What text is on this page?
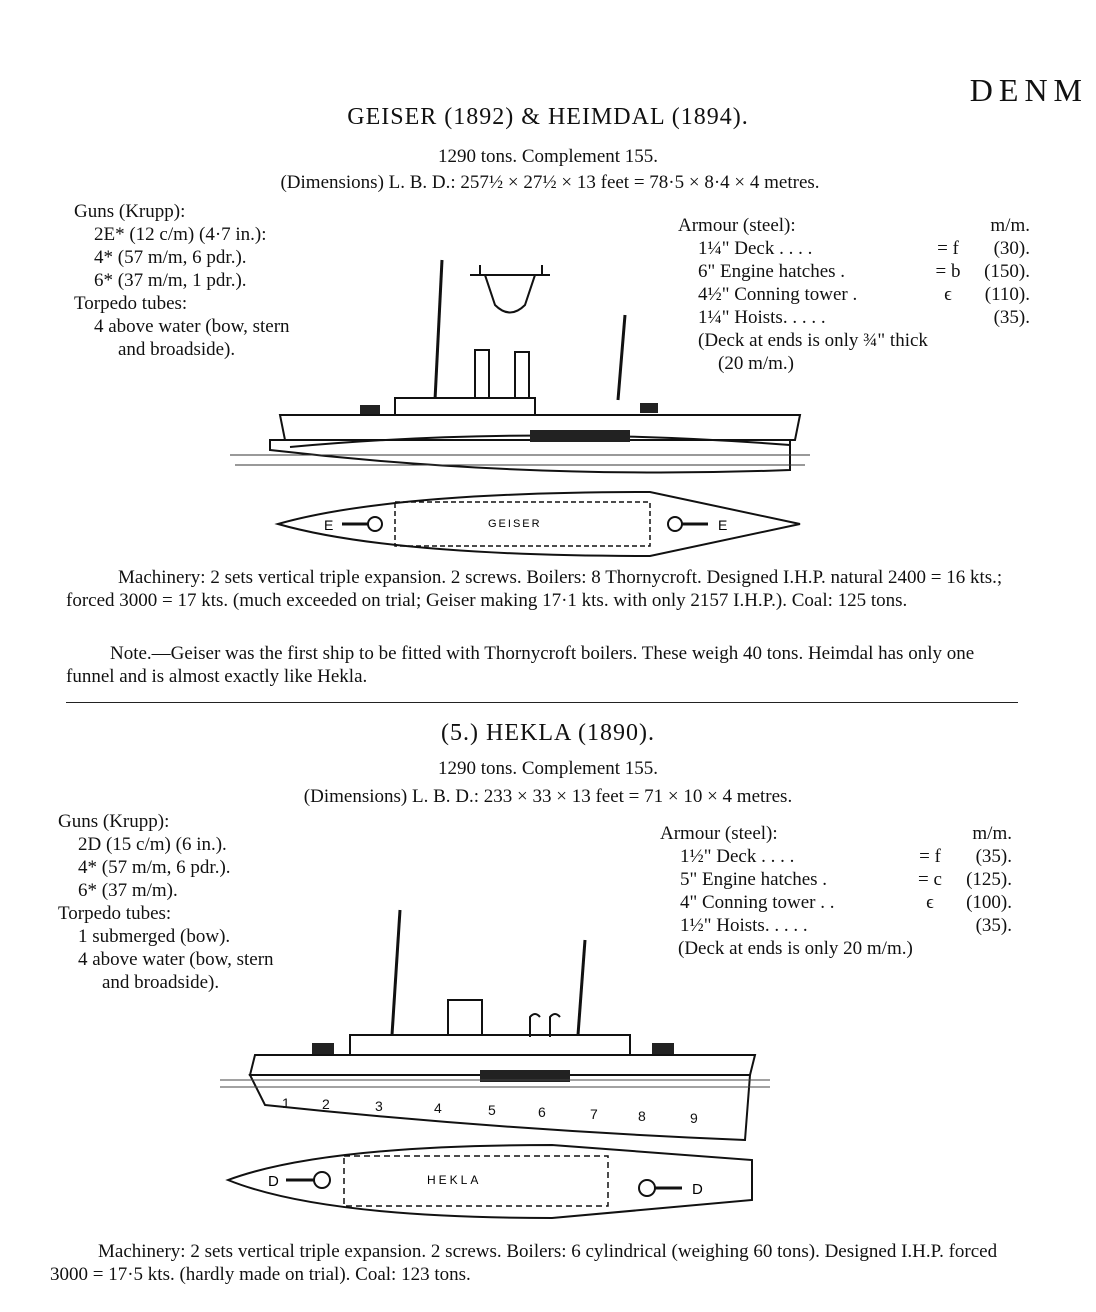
DENM
GEISER (1892) & HEIMDAL (1894).
1290 tons. Complement 155.
(Dimensions) L. B. D.: 257½ × 27½ × 13 feet = 78·5 × 8·4 × 4 metres.
Guns (Krupp):
2E* (12 c/m) (4·7 in.):
4* (57 m/m, 6 pdr.).
6* (37 m/m, 1 pdr.).
Torpedo tubes:
4 above water (bow, stern
and broadside).
Armour (steel):	m/m.
1¼" Deck . . . .	= f	(30).
6" Engine hatches .	= b	(150).
4½" Conning tower .	ϵ	(110).
1¼" Hoists. . . . .	(35).
(Deck at ends is only ¾" thick
(20 m/m.)
E	E
GEISER
Machinery: 2 sets vertical triple expansion. 2 screws. Boilers: 8 Thornycroft. Designed I.H.P. natural 2400 = 16 kts.; forced 3000 = 17 kts. (much exceeded on trial; Geiser making 17·1 kts. with only 2157 I.H.P.). Coal: 125 tons.
Note.—Geiser was the first ship to be fitted with Thornycroft boilers. These weigh 40 tons. Heimdal has only one funnel and is almost exactly like Hekla.
(5.) HEKLA (1890).
1290 tons. Complement 155.
(Dimensions) L. B. D.: 233 × 33 × 13 feet = 71 × 10 × 4 metres.
Guns (Krupp):
2D (15 c/m) (6 in.).
4* (57 m/m, 6 pdr.).
6* (37 m/m).
Torpedo tubes:
1 submerged (bow).
4 above water (bow, stern
and broadside).
Armour (steel):	m/m.
1½" Deck . . . .	= f	(35).
5" Engine hatches .	= c	(125).
4" Conning tower . .	ϵ	(100).
1½" Hoists. . . . .	(35).
(Deck at ends is only 20 m/m.)
1 2	3	4	5	6	7	8	9
D	D
HEKLA
Machinery: 2 sets vertical triple expansion. 2 screws. Boilers: 6 cylindrical (weighing 60 tons). Designed I.H.P. forced 3000 = 17·5 kts. (hardly made on trial). Coal: 123 tons.
